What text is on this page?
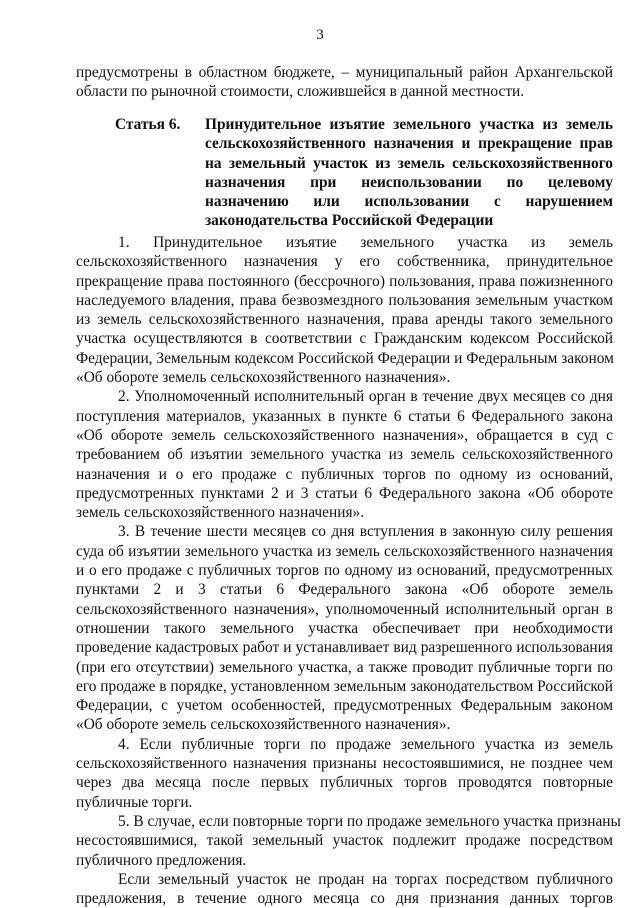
3
предусмотрены в областном бюджете, – муниципальный район Архангельской
области по рыночной стоимости, сложившейся в данной местности.
Статья 6. Принудительное изъятие земельного участка из земель
сельскохозяйственного назначения и прекращение прав
на земельный участок из земель сельскохозяйственного
назначения при неиспользовании по целевому
назначению или использовании с нарушением
законодательства Российской Федерации
1. Принудительное изъятие земельного участка из земель
сельскохозяйственного назначения у его собственника, принудительное
прекращение права постоянного (бессрочного) пользования, права пожизненного
наследуемого владения, права безвозмездного пользования земельным участком
из земель сельскохозяйственного назначения, права аренды такого земельного
участка осуществляются в соответствии с Гражданским кодексом Российской
Федерации, Земельным кодексом Российской Федерации и Федеральным законом
«Об обороте земель сельскохозяйственного назначения».
2. Уполномоченный исполнительный орган в течение двух месяцев со дня
поступления материалов, указанных в пункте 6 статьи 6 Федерального закона
«Об обороте земель сельскохозяйственного назначения», обращается в суд с
требованием об изъятии земельного участка из земель сельскохозяйственного
назначения и о его продаже с публичных торгов по одному из оснований,
предусмотренных пунктами 2 и 3 статьи 6 Федерального закона «Об обороте
земель сельскохозяйственного назначения».
3. В течение шести месяцев со дня вступления в законную силу решения
суда об изъятии земельного участка из земель сельскохозяйственного назначения
и о его продаже с публичных торгов по одному из оснований, предусмотренных
пунктами 2 и 3 статьи 6 Федерального закона «Об обороте земель
сельскохозяйственного назначения», уполномоченный исполнительный орган в
отношении такого земельного участка обеспечивает при необходимости
проведение кадастровых работ и устанавливает вид разрешенного использования
(при его отсутствии) земельного участка, а также проводит публичные торги по
его продаже в порядке, установленном земельным законодательством Российской
Федерации, с учетом особенностей, предусмотренных Федеральным законом
«Об обороте земель сельскохозяйственного назначения».
4. Если публичные торги по продаже земельного участка из земель
сельскохозяйственного назначения признаны несостоявшимися, не позднее чем
через два месяца после первых публичных торгов проводятся повторные
публичные торги.
5. В случае, если повторные торги по продаже земельного участка признаны
несостоявшимися, такой земельный участок подлежит продаже посредством
публичного предложения.
Если земельный участок не продан на торгах посредством публичного
предложения, в течение одного месяца со дня признания данных торгов
